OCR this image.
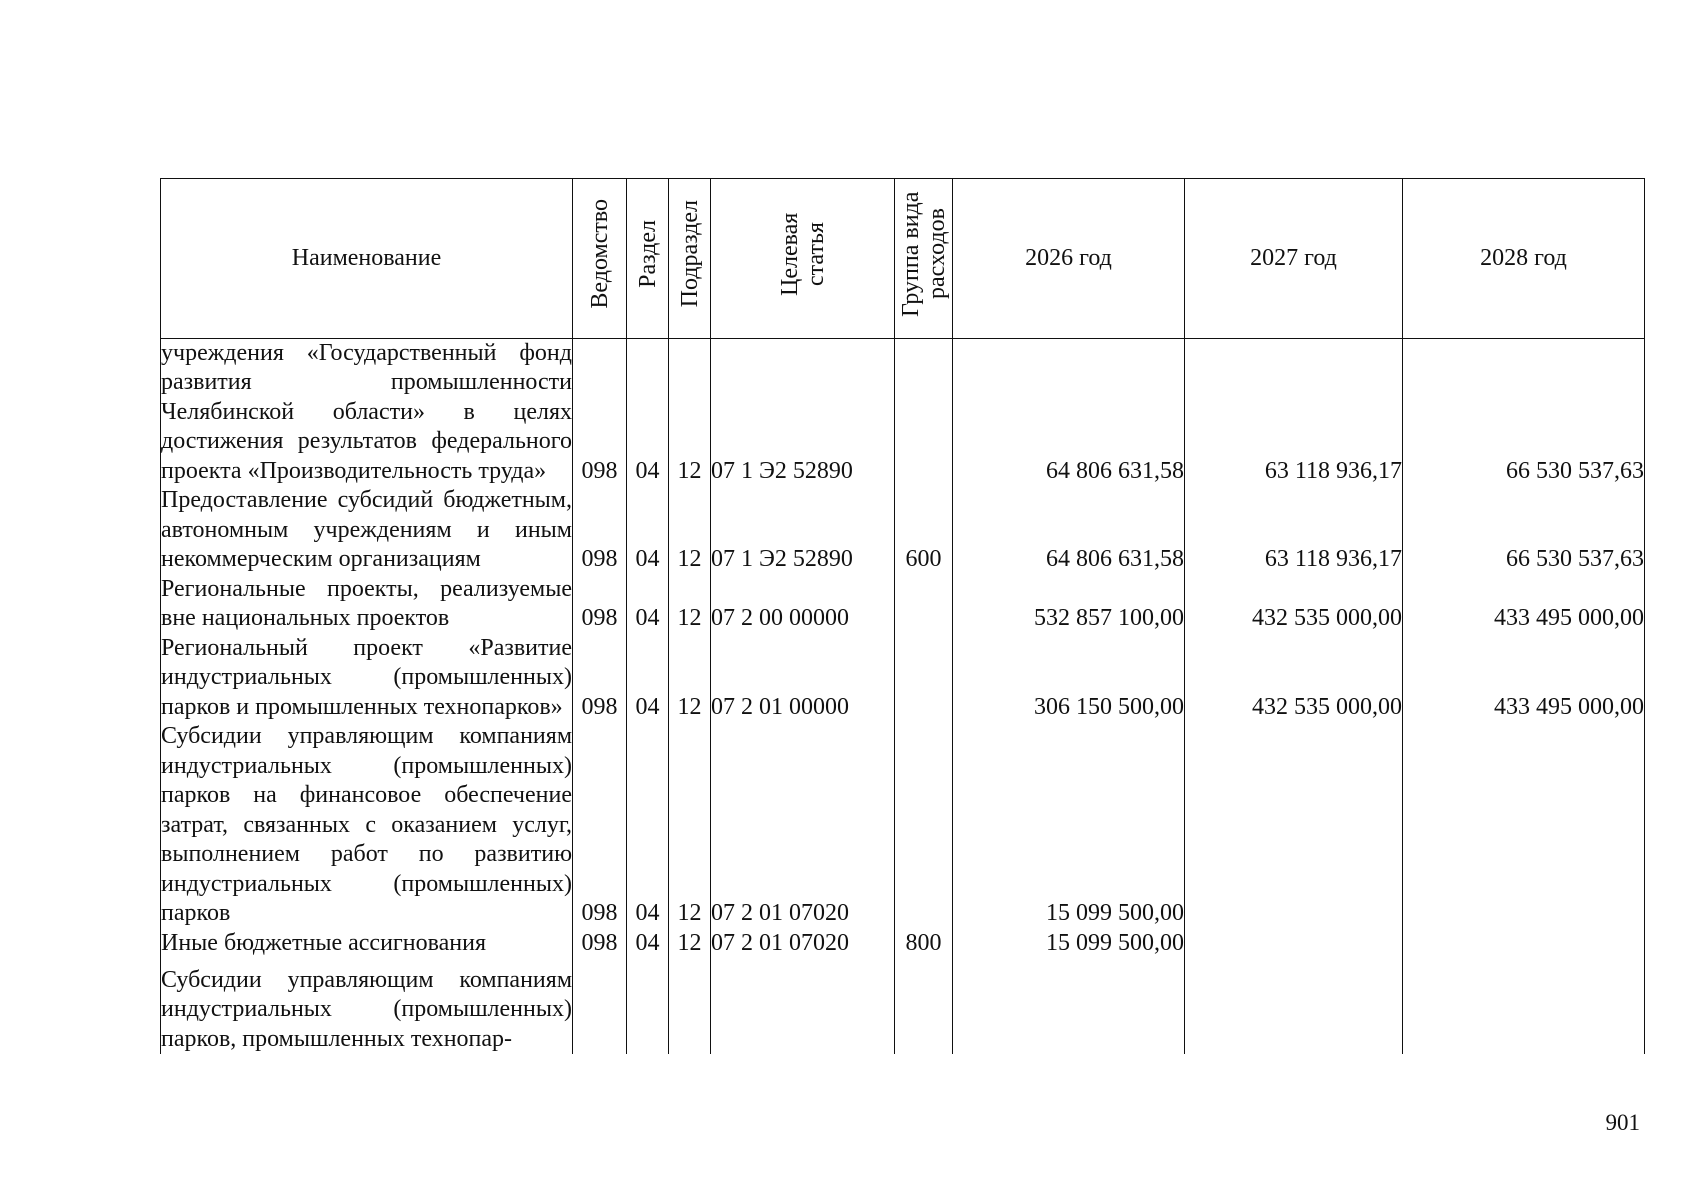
Наименование	Ведомство	Раздел	Подраздел	Целевая статья	Группа вида расходов	2026 год	2027 год	2028 год
учреждения «Государственный фонд развития промышленности Челябинской области» в целях достижения результатов федерального проекта «Производительность труда»	098	04	12	07 1 Э2 52890		64 806 631,58	63 118 936,17	66 530 537,63
Предоставление субсидий бюджетным, автономным учреждениям и иным некоммерческим организациям	098	04	12	07 1 Э2 52890	600	64 806 631,58	63 118 936,17	66 530 537,63
Региональные проекты, реализуемые вне национальных проектов	098	04	12	07 2 00 00000		532 857 100,00	432 535 000,00	433 495 000,00
Региональный проект «Развитие индустриальных (промышленных) парков и промышленных технопарков»	098	04	12	07 2 01 00000		306 150 500,00	432 535 000,00	433 495 000,00
Субсидии управляющим компаниям индустриальных (промышленных) парков на финансовое обеспечение затрат, связанных с оказанием услуг, выполнением работ по развитию индустриальных (промышленных) парков	098	04	12	07 2 01 07020		15 099 500,00		
Иные бюджетные ассигнования	098	04	12	07 2 01 07020	800	15 099 500,00		
Субсидии управляющим компаниям индустриальных (промышленных) парков, промышленных технопар-								
901
